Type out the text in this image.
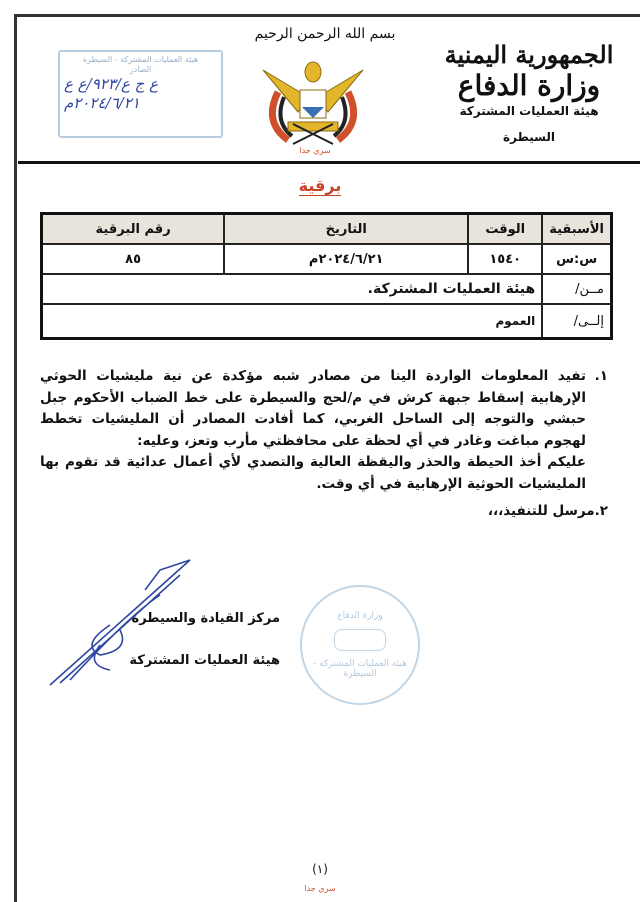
الجمهورية اليمنية
وزارة الدفاع
هيئة العمليات المشتركة
السيطرة
بسم الله الرحمن الرحيم
سري جدا
هيئة العمليات المشتركة - السيطرة
الصادر
ع ج ع/٩٢٣/ع ع
٢٠٢٤/٦/٢١م
برقية
الأسبقية	الوقت	التاريخ	رقم البرقية
س:س	١٥٤٠	٢٠٢٤/٦/٢١م	٨٥
مــن/	هيئة العمليات المشتركة.		
إلــى/	العموم		
١.

تفيد المعلومات الواردة الينا من مصادر شبه مؤكدة عن نية مليشيات الحوثي الإرهابية إسقاط جبهة كرش في م/لحج والسيطرة على خط الضباب الأحكوم جبل حبشي والتوجه إلى الساحل الغربي، كما أفادت المصادر أن المليشيات تخطط لهجوم مباغت وغادر في أي لحظة على محافظتي مأرب وتعز، وعليه:

عليكم أخذ الحيطة والحذر واليقظة العالية والتصدي لأي أعمال عدائية قد تقوم بها المليشيات الحوثية الإرهابية في أي وقت.

٢.مرسل للتنفيذ،،،

وزارة الدفاع
هيئة العمليات المشتركة - السيطرة
مركز القيادة والسيطرة
هيئة العمليات المشتركة
(١)
سري جدا
